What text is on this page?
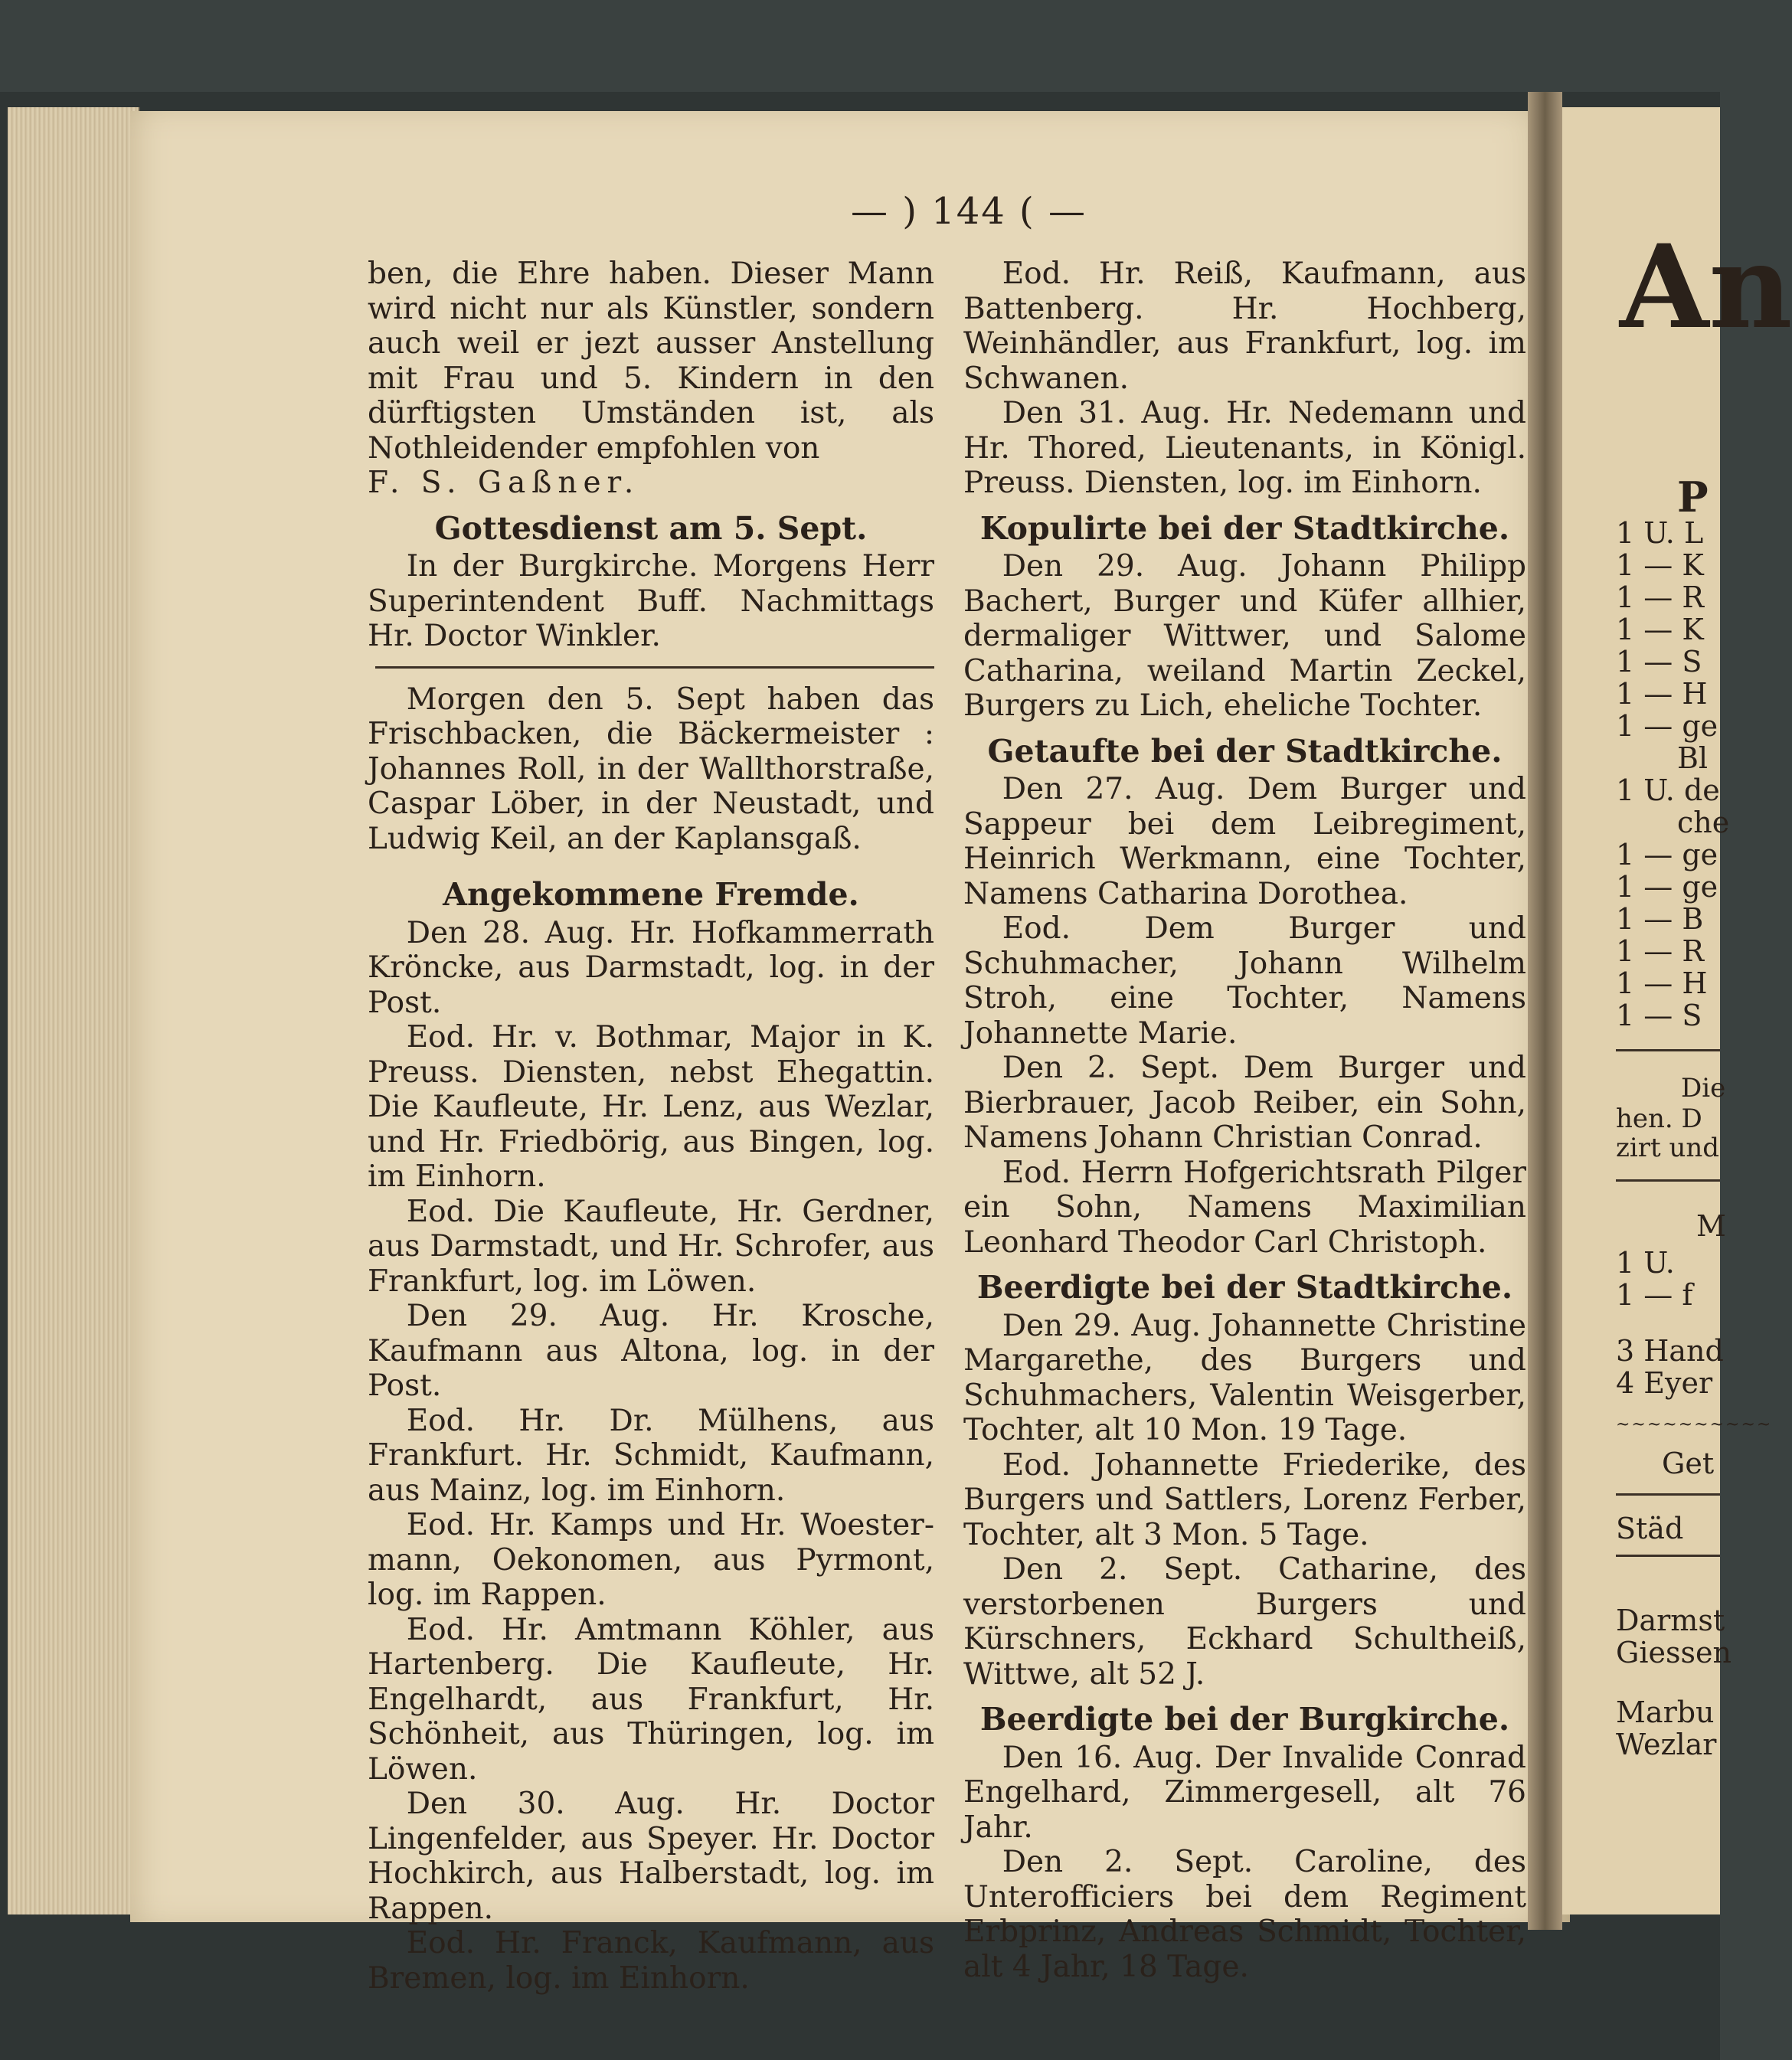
— ) 144 ( —

ben, die Ehre haben. Dieser Mann wird nicht nur als Künstler, sondern auch weil er jezt ausser Anstellung mit Frau und 5. Kindern in den dürftigsten Umständen ist, als Nothleidender empfohlen von

F. S. Gaßner.

Gottesdienst am 5. Sept.

In der Burgkirche. Morgens Herr Superintendent Buff. Nachmittags Hr. Doctor Winkler.

Morgen den 5. Sept haben das Frischbacken, die Bäckermeister : Johannes Roll, in der Wallthorstraße, Caspar Löber, in der Neustadt, und Ludwig Keil, an der Kaplansgaß.

Angekommene Fremde.

Den 28. Aug. Hr. Hofkammerrath Kröncke, aus Darmstadt, log. in der Post.

Eod. Hr. v. Bothmar, Major in K. Preuss. Diensten, nebst Ehegattin. Die Kaufleute, Hr. Lenz, aus Wezlar, und Hr. Friedbörig, aus Bingen, log. im Einhorn.

Eod. Die Kaufleute, Hr. Gerdner, aus Darmstadt, und Hr. Schrofer, aus Frankfurt, log. im Löwen.

Den 29. Aug. Hr. Krosche, Kaufmann aus Altona, log. in der Post.

Eod. Hr. Dr. Mülhens, aus Frankfurt. Hr. Schmidt, Kaufmann, aus Mainz, log. im Einhorn.

Eod. Hr. Kamps und Hr. Woester-mann, Oekonomen, aus Pyrmont, log. im Rappen.

Eod. Hr. Amtmann Köhler, aus Hartenberg. Die Kaufleute, Hr. Engelhardt, aus Frankfurt, Hr. Schönheit, aus Thüringen, log. im Löwen.

Den 30. Aug. Hr. Doctor Lingenfelder, aus Speyer. Hr. Doctor Hochkirch, aus Halberstadt, log. im Rappen.

Eod. Hr. Franck, Kaufmann, aus Bremen, log. im Einhorn.

Eod. Hr. Reiß, Kaufmann, aus Battenberg. Hr. Hochberg, Weinhändler, aus Frankfurt, log. im Schwanen.

Den 31. Aug. Hr. Nedemann und Hr. Thored, Lieutenants, in Königl. Preuss. Diensten, log. im Einhorn.

Kopulirte bei der Stadtkirche.

Den 29. Aug. Johann Philipp Bachert, Burger und Küfer allhier, dermaliger Wittwer, und Salome Catharina, weiland Martin Zeckel, Burgers zu Lich, eheliche Tochter.

Getaufte bei der Stadtkirche.

Den 27. Aug. Dem Burger und Sappeur bei dem Leibregiment, Heinrich Werkmann, eine Tochter, Namens Catharina Dorothea.

Eod. Dem Burger und Schuhmacher, Johann Wilhelm Stroh, eine Tochter, Namens Johannette Marie.

Den 2. Sept. Dem Burger und Bierbrauer, Jacob Reiber, ein Sohn, Namens Johann Christian Conrad.

Eod. Herrn Hofgerichtsrath Pilger ein Sohn, Namens Maximilian Leonhard Theodor Carl Christoph.

Beerdigte bei der Stadtkirche.

Den 29. Aug. Johannette Christine Margarethe, des Burgers und Schuhmachers, Valentin Weisgerber, Tochter, alt 10 Mon. 19 Tage.

Eod. Johannette Friederike, des Burgers und Sattlers, Lorenz Ferber, Tochter, alt 3 Mon. 5 Tage.

Den 2. Sept. Catharine, des verstorbenen Burgers und Kürschners, Eckhard Schultheiß, Wittwe, alt 52 J.

Beerdigte bei der Burgkirche.

Den 16. Aug. Der Invalide Conrad Engelhard, Zimmergesell, alt 76 Jahr.

Den 2. Sept. Caroline, des Unterofficiers bei dem Regiment Erbprinz, Andreas Schmidt, Tochter, alt 4 Jahr, 18 Tage.

An
P
1 U. L
1 — K
1 — R
1 — K
1 — S
1 — H
1 — ge
Bl
1 U. de
che
1 — ge
1 — ge
1 — B
1 — R
1 — H
1 — S
Die
hen. D
zirt und
M
1 U.
1 — f
3 Hand
4 Eyer
~~~~~~~~~~
Get
Städ
Darmst
Giessen
Marbu
Wezlar
